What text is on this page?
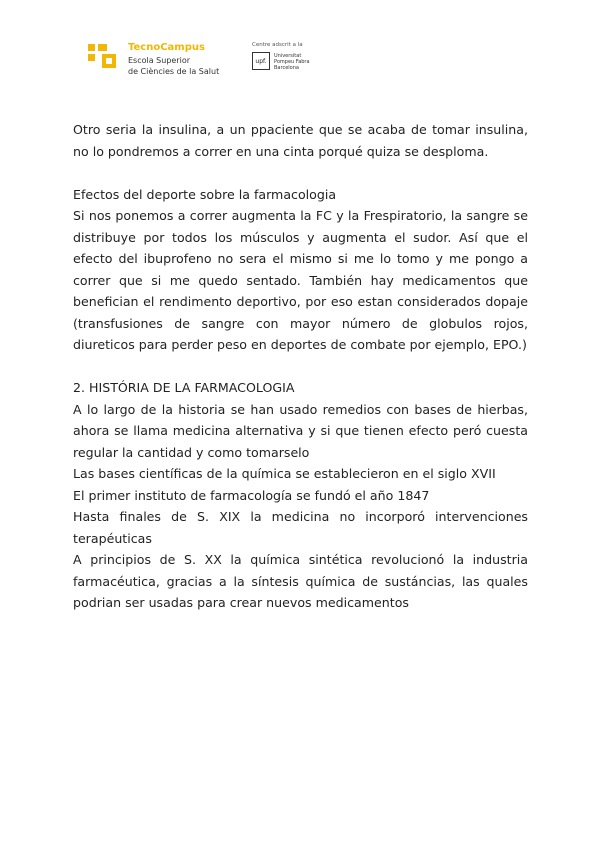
TecnoCampus
Escola Superior
de Ciències de la Salut
Centre adscrit a la
upf.
Universitat
Pompeu Fabra
Barcelona

Otro seria la insulina, a un ppaciente que se acaba de tomar insulina, no lo pondremos a correr en una cinta porqué quiza se desploma.

Efectos del deporte sobre la farmacologia

Si nos ponemos a correr augmenta la FC y la Frespiratorio, la sangre se distribuye por todos los músculos y augmenta el sudor. Así que el efecto del ibuprofeno no sera el mismo si me lo tomo y me pongo a correr que si me quedo sentado. También hay medicamentos que benefician el rendimento deportivo, por eso estan considerados dopaje (transfusiones de sangre con mayor número de globulos rojos, diureticos para perder peso en deportes de combate por ejemplo, EPO.)

2. HISTÓRIA DE LA FARMACOLOGIA

A lo largo de la historia se han usado remedios con bases de hierbas, ahora se llama medicina alternativa y si que tienen efecto peró cuesta regular la cantidad y como tomarselo

Las bases científicas de la química se establecieron en el siglo XVII

El primer instituto de farmacología se fundó el año 1847

Hasta finales de S. XIX la medicina no incorporó intervenciones terapéuticas

A principios de S. XX la química sintética revolucionó la industria farmacéutica, gracias a la síntesis química de sustáncias, las quales podrian ser usadas para crear nuevos medicamentos
